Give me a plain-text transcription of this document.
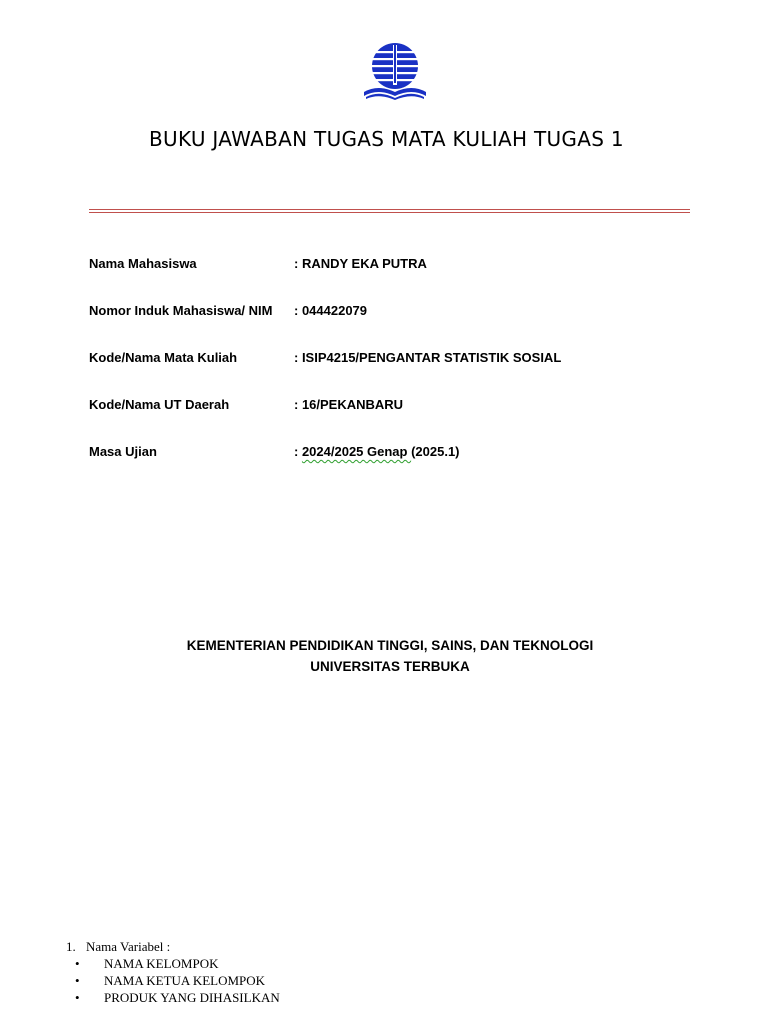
BUKU JAWABAN TUGAS MATA KULIAH TUGAS 1
Nama Mahasiswa	: RANDY EKA PUTRA
Nomor Induk Mahasiswa/ NIM : 044422079
Kode/Nama Mata Kuliah	: ISIP4215/PENGANTAR STATISTIK SOSIAL
Kode/Nama UT Daerah	: 16/PEKANBARU
Masa Ujian	: 2024/2025 Genap (2025.1)
KEMENTERIAN PENDIDIKAN TINGGI, SAINS, DAN TEKNOLOGI
UNIVERSITAS TERBUKA
1. Nama Variabel :
• NAMA KELOMPOK
• NAMA KETUA KELOMPOK
• PRODUK YANG DIHASILKAN
